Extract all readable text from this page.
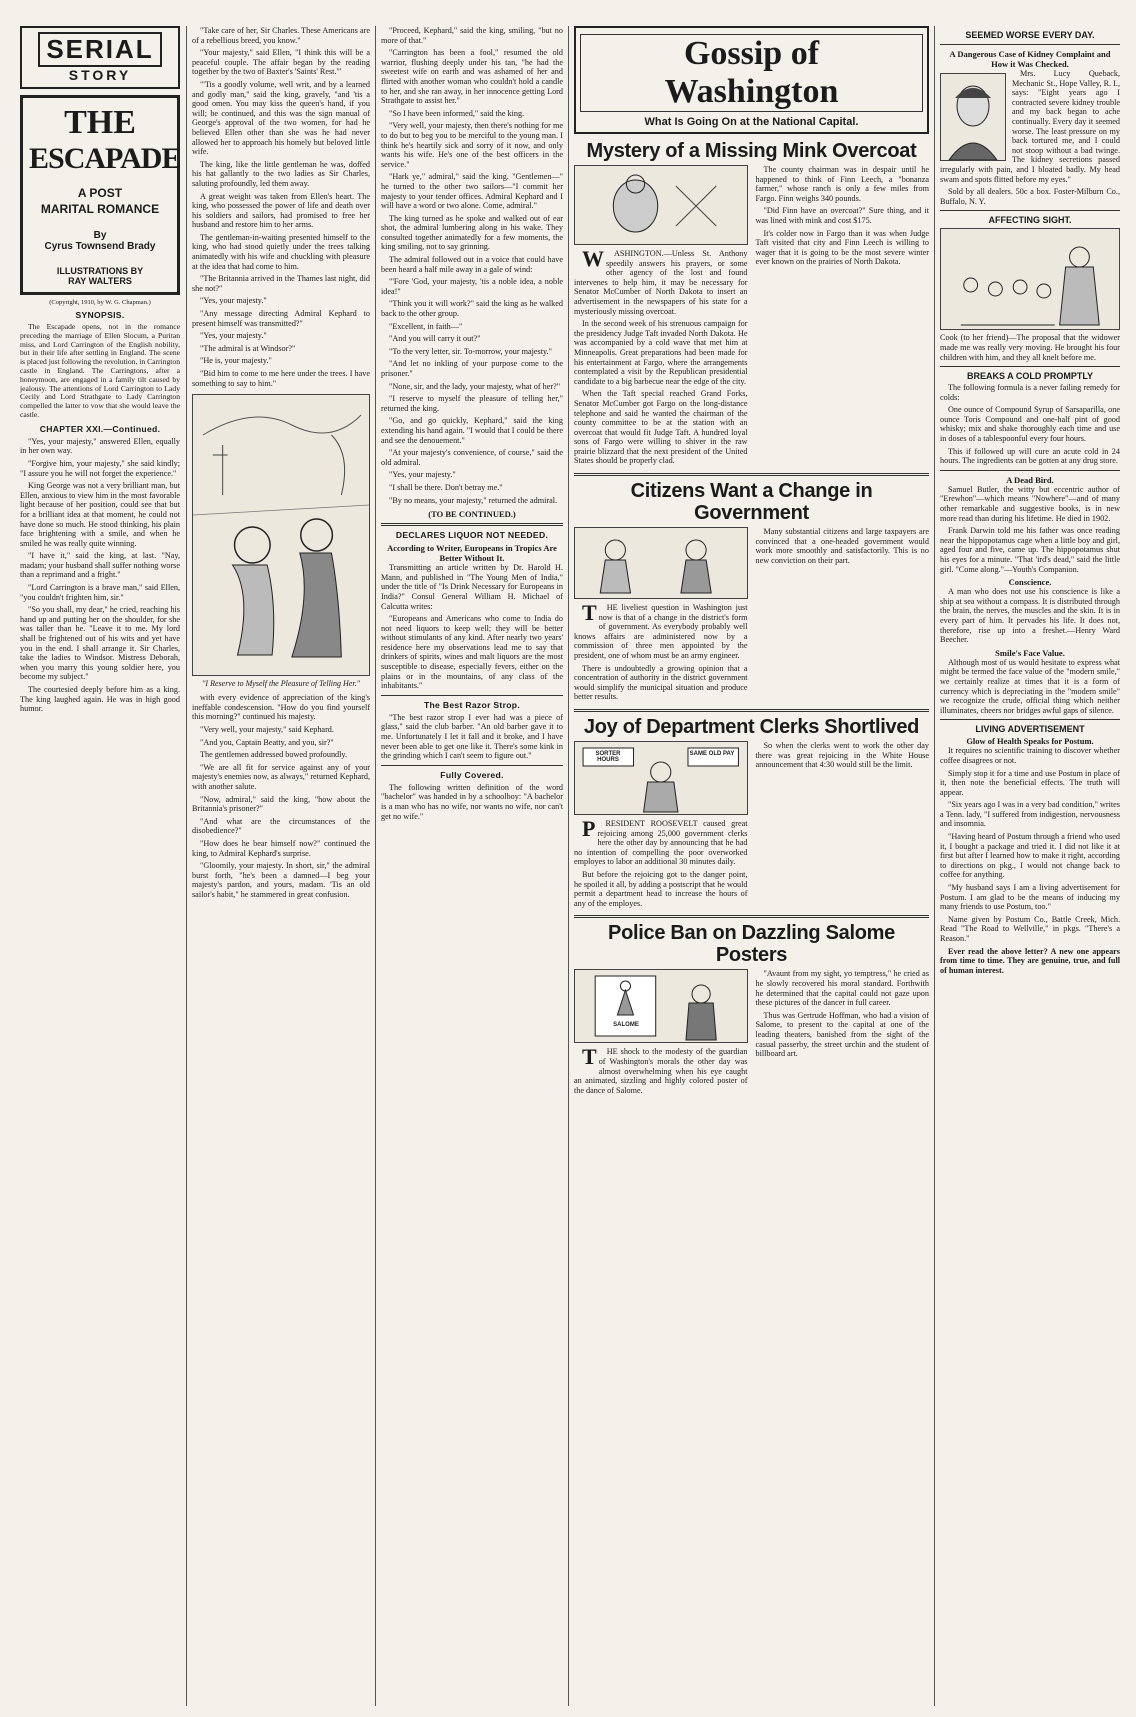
SERIAL
STORY
THE
ESCAPADE
A POST
MARITAL ROMANCE
By
Cyrus Townsend Brady
ILLUSTRATIONS BY
RAY WALTERS
(Copyright, 1910, by W. G. Chapman.)
SYNOPSIS.

The Escapade opens, not in the romance preceding the marriage of Ellen Slocum, a Puritan miss, and Lord Carrington of the English nobility, but in their life after settling in England. The scene is placed just following the revolution, in Carrington castle in England. The Carringtons, after a honeymoon, are engaged in a family tilt caused by jealousy. The attentions of Lord Carrington to Lady Cecily and Lord Strathgate to Lady Carrington compelled the latter to vow that she would leave the castle.

CHAPTER XXI.—Continued.

"Yes, your majesty," answered Ellen, equally in her own way.

"Forgive him, your majesty," she said kindly; "I assure you he will not forget the experience."

King George was not a very brilliant man, but Ellen, anxious to view him in the most favorable light because of her position, could see that but for a brilliant idea at that moment, he could not have done so much. He stood thinking, his plain face brightening with a smile, and when he smiled he was really quite winning.

"I have it," said the king, at last. "Nay, madam; your husband shall suffer nothing worse than a reprimand and a fright."

"Lord Carrington is a brave man," said Ellen, "you couldn't frighten him, sir."

"So you shall, my dear," he cried, reaching his hand up and putting her on the shoulder, for she was taller than he. "Leave it to me. My lord shall be frightened out of his wits and yet have you in the end. I shall arrange it. Sir Charles, take the ladies to Windsor. Mistress Deborah, when you marry this young soldier here, you become my subject."

The courtesied deeply before him as a king. The king laughed again. He was in high good humor.

"Take care of her, Sir Charles. These Americans are of a rebellious breed, you know."

"Your majesty," said Ellen, "I think this will be a peaceful couple. The affair began by the reading together by the two of Baxter's 'Saints' Rest.'"

"'Tis a goodly volume, well writ, and by a learned and godly man," said the king, gravely, "and 'tis a good omen. You may kiss the queen's hand, if you will; be continued, and this was the sign manual of George's approval of the two women, for had he believed Ellen other than she was he had never allowed her to approach his homely but beloved little wife.

The king, like the little gentleman he was, doffed his hat gallantly to the two ladies as Sir Charles, saluting profoundly, led them away.

A great weight was taken from Ellen's heart. The king, who possessed the power of life and death over his soldiers and sailors, had promised to free her husband and restore him to her arms.

The gentleman-in-waiting presented himself to the king, who had stood quietly under the trees talking animatedly with his wife and chuckling with pleasure at the idea that had come to him.

"The Britannia arrived in the Thames last night, did she not?"

"Yes, your majesty."

"Any message directing Admiral Kephard to present himself was transmitted?"

"Yes, your majesty."

"The admiral is at Windsor?"

"He is, your majesty."

"Bid him to come to me here under the trees. I have something to say to him."

"I Reserve to Myself the Pleasure of Telling Her."

with every evidence of appreciation of the king's ineffable condescension. "How do you find yourself this morning?" continued his majesty.

"Very well, your majesty," said Kephard.

"And you, Captain Beatty, and you, sir?"

The gentlemen addressed bowed profoundly.

"We are all fit for service against any of your majesty's enemies now, as always," returned Kephard, with another salute.

"Now, admiral," said the king, "how about the Britannia's prisoner?"

"And what are the circumstances of the disobedience?"

"How does he bear himself now?" continued the king, to Admiral Kephard's surprise.

"Gloomily, your majesty. In short, sir," the admiral burst forth, "he's been a damned—I beg your majesty's pardon, and yours, madam. 'Tis an old sailor's habit," he stammered in great confusion.

"Proceed, Kephard," said the king, smiling, "but no more of that."

"Carrington has been a fool," resumed the old warrior, flushing deeply under his tan, "he had the sweetest wife on earth and was ashamed of her and flirted with another woman who couldn't hold a candle to her, and she ran away, in her innocence getting Lord Strathgate to assist her."

"So I have been informed," said the king.

"Very well, your majesty, then there's nothing for me to do but to beg you to be merciful to the young man. I think he's heartily sick and sorry of it now, and only wants his wife. He's one of the best officers in the service."

"Hark ye," admiral," said the king. "Gentlemen—" he turned to the other two sailors—"I commit her majesty to your tender offices. Admiral Kephard and I will have a word or two alone. Come, admiral."

The king turned as he spoke and walked out of ear shot, the admiral lumbering along in his wake. They consulted together animatedly for a few moments, the king smiling, not to say grinning.

The admiral followed out in a voice that could have been heard a half mile away in a gale of wind:

"'Fore 'God, your majesty, 'tis a noble idea, a noble idea!"

"Think you it will work?" said the king as he walked back to the other group.

"Excellent, in faith—"

"And you will carry it out?"

"To the very letter, sir. To-morrow, your majesty."

"And let no inkling of your purpose come to the prisoner."

"None, sir, and the lady, your majesty, what of her?"

"I reserve to myself the pleasure of telling her," returned the king.

"Go, and go quickly, Kephard," said the king extending his hand again. "I would that I could be there and see the denouement."

"At your majesty's convenience, of course," said the old admiral.

"Yes, your majesty."

"I shall be there. Don't betray me."

"By no means, your majesty," returned the admiral.

(TO BE CONTINUED.)
DECLARES LIQUOR NOT NEEDED.
According to Writer, Europeans in Tropics Are Better Without It.

Transmitting an article written by Dr. Harold H. Mann, and published in "The Young Men of India," under the title of "Is Drink Necessary for Europeans in India?" Consul General William H. Michael of Calcutta writes:

"Europeans and Americans who come to India do not need liquors to keep well; they will be better without stimulants of any kind. After nearly two years' residence here my observations lead me to say that drinkers of spirits, wines and malt liquors are the most susceptible to disease, especially fevers, either on the plains or in the mountains, of any class of the inhabitants."

The Best Razor Strop.

"The best razor strop I ever had was a piece of glass," said the club barber. "An old barber gave it to me. Unfortunately I let it fall and it broke, and I have never been able to get one like it. There's some kink in the grinding which I can't seem to figure out."

Fully Covered.

The following written definition of the word "bachelor" was handed in by a schoolboy: "A bachelor is a man who has no wife, nor wants no wife, nor can't get no wife."

Gossip of Washington
What Is Going On at the National Capital.
Mystery of a Missing Mink Overcoat

WASHINGTON.—Unless St. Anthony speedily answers his prayers, or some other agency of the lost and found intervenes to help him, it may be necessary for Senator McCumber of North Dakota to insert an advertisement in the newspapers of his state for a mysteriously missing overcoat.

In the second week of his strenuous campaign for the presidency Judge Taft invaded North Dakota. He was accompanied by a cold wave that met him at Minneapolis. Great preparations had been made for his entertainment at Fargo, where the arrangements contemplated a visit by the Republican presidential candidate to a big barbecue near the edge of the city.

When the Taft special reached Grand Forks, Senator McCumber got Fargo on the long-distance telephone and said he wanted the chairman of the county committee to be at the station with an overcoat that would fit Judge Taft. A hundred loyal sons of Fargo were willing to shiver in the raw prairie blizzard that the next president of the United States should be properly clad.

The county chairman was in despair until he happened to think of Finn Leech, a "bonanza farmer," whose ranch is only a few miles from Fargo. Finn weighs 340 pounds.

"Did Finn have an overcoat?" Sure thing, and it was lined with mink and cost $175.

It's colder now in Fargo than it was when Judge Taft visited that city and Finn Leech is willing to wager that it is going to be the most severe winter ever known on the prairies of North Dakota.

Citizens Want a Change in Government

THE liveliest question in Washington just now is that of a change in the district's form of government. As everybody probably well knows affairs are administered now by a commission of three men appointed by the president, one of whom must be an army engineer.

There is undoubtedly a growing opinion that a concentration of authority in the district government would simplify the municipal situation and produce better results.

Many substantial citizens and large taxpayers are convinced that a one-headed government would work more smoothly and satisfactorily. This is no new conviction on their part.

Joy of Department Clerks Shortlived
SORTER HOURS
SAME OLD PAY

PRESIDENT ROOSEVELT caused great rejoicing among 25,000 government clerks here the other day by announcing that he had no intention of compelling the poor overworked employes to labor an additional 30 minutes daily.

But before the rejoicing got to the danger point, he spoiled it all, by adding a postscript that he would permit a department head to increase the hours of any of the employes.

So when the clerks went to work the other day there was great rejoicing in the White House announcement that 4:30 would still be the limit.

Police Ban on Dazzling Salome Posters
SALOME

THE shock to the modesty of the guardian of Washington's morals the other day was almost overwhelming when his eye caught an animated, sizzling and highly colored poster of the dance of Salome.

"Avaunt from my sight, yo temptress," he cried as he slowly recovered his moral standard. Forthwith he determined that the capital could not gaze upon these pictures of the dancer in full career.

Thus was Gertrude Hoffman, who had a vision of Salome, to present to the capital at one of the leading theaters, banished from the sight of the casual passerby, the street urchin and the student of billboard art.

SEEMED WORSE EVERY DAY.
A Dangerous Case of Kidney Complaint and How it Was Checked.

Mrs. Lucy Queback, Mechanic St., Hope Valley, R. I., says: "Eight years ago I contracted severe kidney trouble and my back began to ache continually. Every day it seemed worse. The least pressure on my back tortured me, and I could not stoop without a bad twinge. The kidney secretions passed irregularly with pain, and I bloated badly. My head swam and spots flitted before my eyes."

Sold by all dealers. 50c a box. Foster-Milburn Co., Buffalo, N. Y.

AFFECTING SIGHT.

Cook (to her friend)—The proposal that the widower made me was really very moving. He brought his four children with him, and they all knelt before me.

BREAKS A COLD PROMPTLY

The following formula is a never failing remedy for colds:

One ounce of Compound Syrup of Sarsaparilla, one ounce Toris Compound and one-half pint of good whisky; mix and shake thoroughly each time and use in doses of a tablespoonful every four hours.

This if followed up will cure an acute cold in 24 hours. The ingredients can be gotten at any drug store.

A Dead Bird.

Samuel Butler, the witty but eccentric author of "Erewhon"—which means "Nowhere"—and of many other remarkable and suggestive books, is in new more read than during his lifetime. He died in 1902.

Frank Darwin told me his father was once reading near the hippopotamus cage when a little boy and girl, aged four and five, came up. The hippopotamus shut his eyes for a minute. "That 'ird's dead," said the little girl. "Come along."—Youth's Companion.

Conscience.

A man who does not use his conscience is like a ship at sea without a compass. It is distributed through the brain, the nerves, the muscles and the skin. It is in every part of him. It pervades his life. It does not, therefore, rise up into a freshet.—Henry Ward Beecher.

Smile's Face Value.

Although most of us would hesitate to express what might be termed the face value of the "modern smile," we certainly realize at times that it is a form of currency which is depreciating in the "modern smile" we recognize the crude, official thing which neither illuminates, cheers nor bridges awful gaps of silence.

LIVING ADVERTISEMENT
Glow of Health Speaks for Postum.

It requires no scientific training to discover whether coffee disagrees or not.

Simply stop it for a time and use Postum in place of it, then note the beneficial effects. The truth will appear.

"Six years ago I was in a very bad condition," writes a Tenn. lady, "I suffered from indigestion, nervousness and insomnia.

"Having heard of Postum through a friend who used it, I bought a package and tried it. I did not like it at first but after I learned how to make it right, according to directions on pkg., I would not change back to coffee for anything.

"My husband says I am a living advertisement for Postum. I am glad to be the means of inducing my many friends to use Postum, too."

Name given by Postum Co., Battle Creek, Mich. Read "The Road to Wellville," in pkgs. "There's a Reason."

Ever read the above letter? A new one appears from time to time. They are genuine, true, and full of human interest.
